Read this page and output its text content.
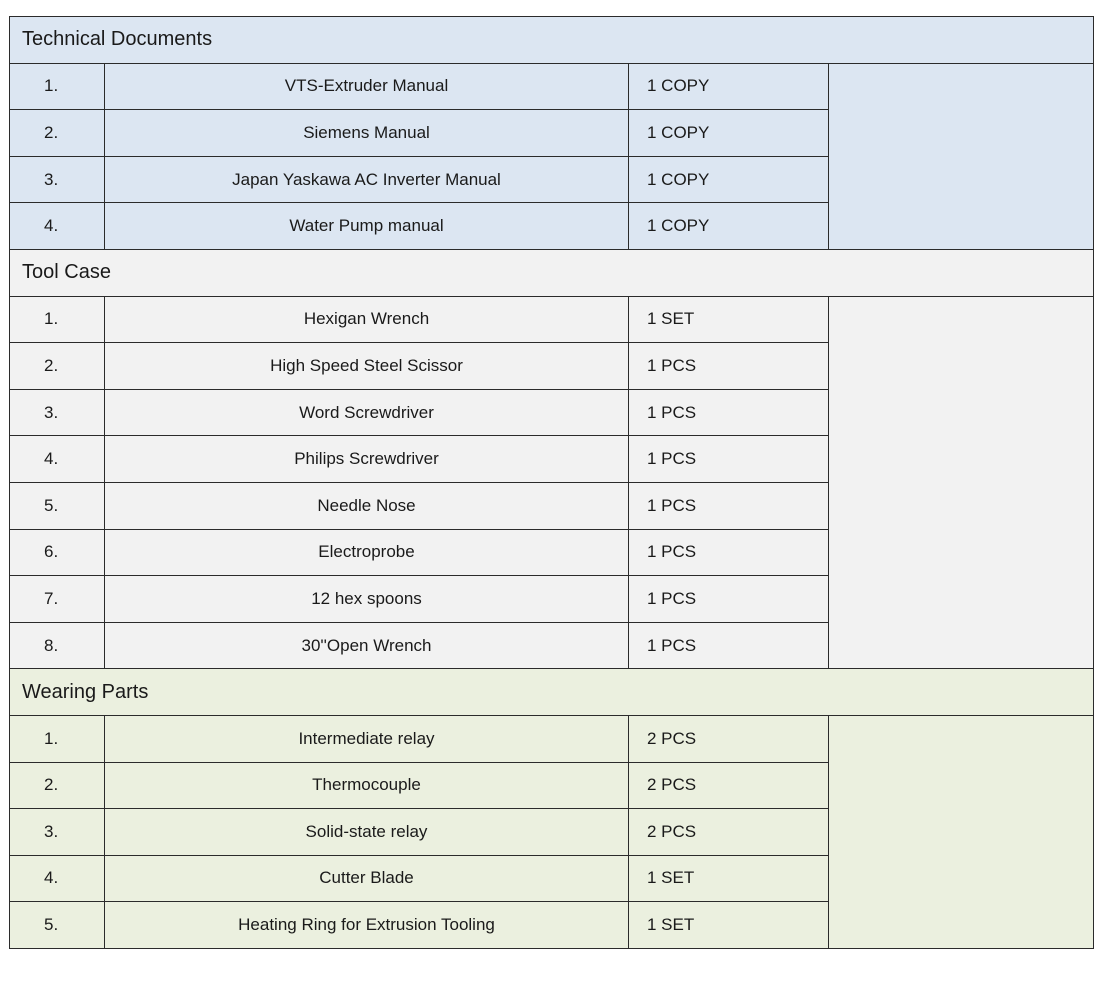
Technical Documents			
1.	VTS-Extruder Manual	1 COPY	
2.	Siemens Manual	1 COPY	
3.	Japan Yaskawa AC Inverter Manual	1 COPY	
4.	Water Pump manual	1 COPY	
Tool Case			
1.	Hexigan Wrench	1 SET	
2.	High Speed Steel Scissor	1 PCS	
3.	Word Screwdriver	1 PCS	
4.	Philips Screwdriver	1 PCS	
5.	Needle Nose	1 PCS	
6.	Electroprobe	1 PCS	
7.	12 hex spoons	1 PCS	
8.	30''Open Wrench	1 PCS	
Wearing Parts			
1.	Intermediate relay	2 PCS	
2.	Thermocouple	2 PCS	
3.	Solid-state relay	2 PCS	
4.	Cutter Blade	1 SET	
5.	Heating Ring for Extrusion Tooling	1 SET	
